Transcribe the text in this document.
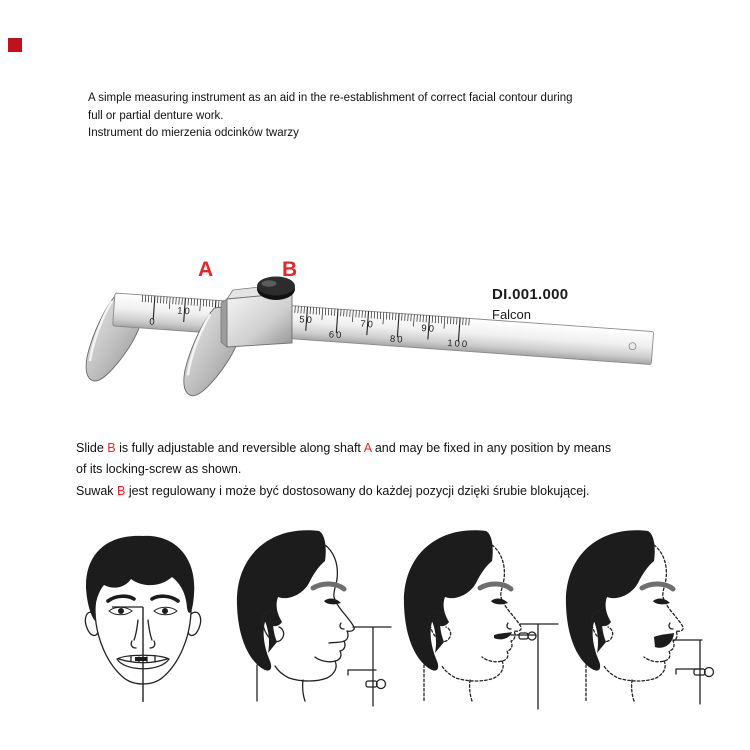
A simple measuring instrument as an aid in the re-establishment of correct facial contour during
full or partial denture work.
Instrument do mierzenia odcinków twarzy
0
10
50
60
70
80
90
100
A	B
DI.001.000
Falcon
Slide B is fully adjustable and reversible along shaft A and may be fixed in any position by means
of its locking-screw as shown.
Suwak B jest regulowany i może być dostosowany do każdej pozycji dzięki śrubie blokującej.
